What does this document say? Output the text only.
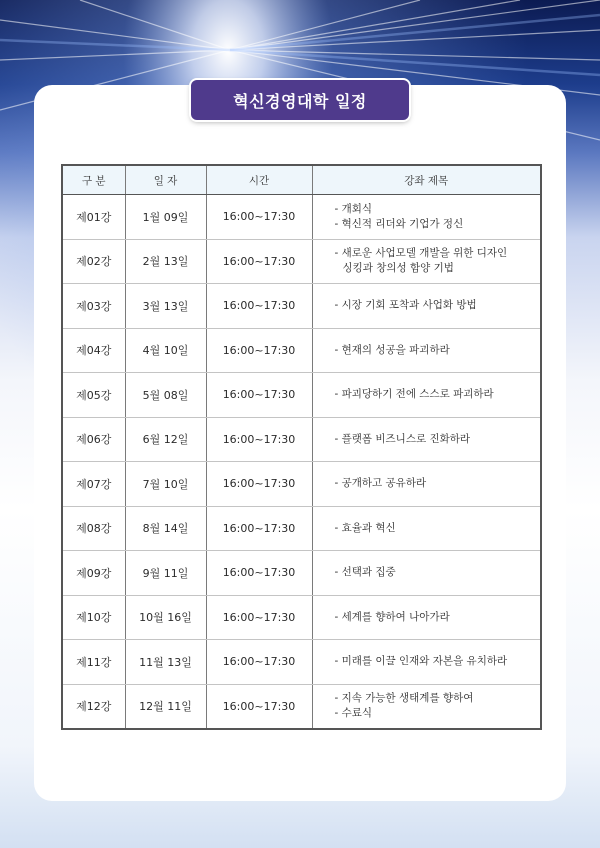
혁신경영대학 일정
구 분	일 자	시간	강좌 제목
제01강	1월 09일	16:00~17:30	- 개회식
- 혁신적 리더와 기업가 정신

제02강	2월 13일	16:00~17:30	- 새로운 사업모델 개발을 위한 디자인
싱킹과 창의성 함양 기법

제03강	3월 13일	16:00~17:30	- 시장 기회 포착과 사업화 방법

제04강	4월 10일	16:00~17:30	- 현재의 성공을 파괴하라

제05강	5월 08일	16:00~17:30	- 파괴당하기 전에 스스로 파괴하라

제06강	6월 12일	16:00~17:30	- 플랫폼 비즈니스로 진화하라

제07강	7월 10일	16:00~17:30	- 공개하고 공유하라

제08강	8월 14일	16:00~17:30	- 효율과 혁신

제09강	9월 11일	16:00~17:30	- 선택과 집중

제10강	10월 16일	16:00~17:30	- 세계를 향하여 나아가라

제11강	11월 13일	16:00~17:30	- 미래를 이끌 인재와 자본을 유치하라

제12강	12월 11일	16:00~17:30	- 지속 가능한 생태계를 향하여
- 수료식
